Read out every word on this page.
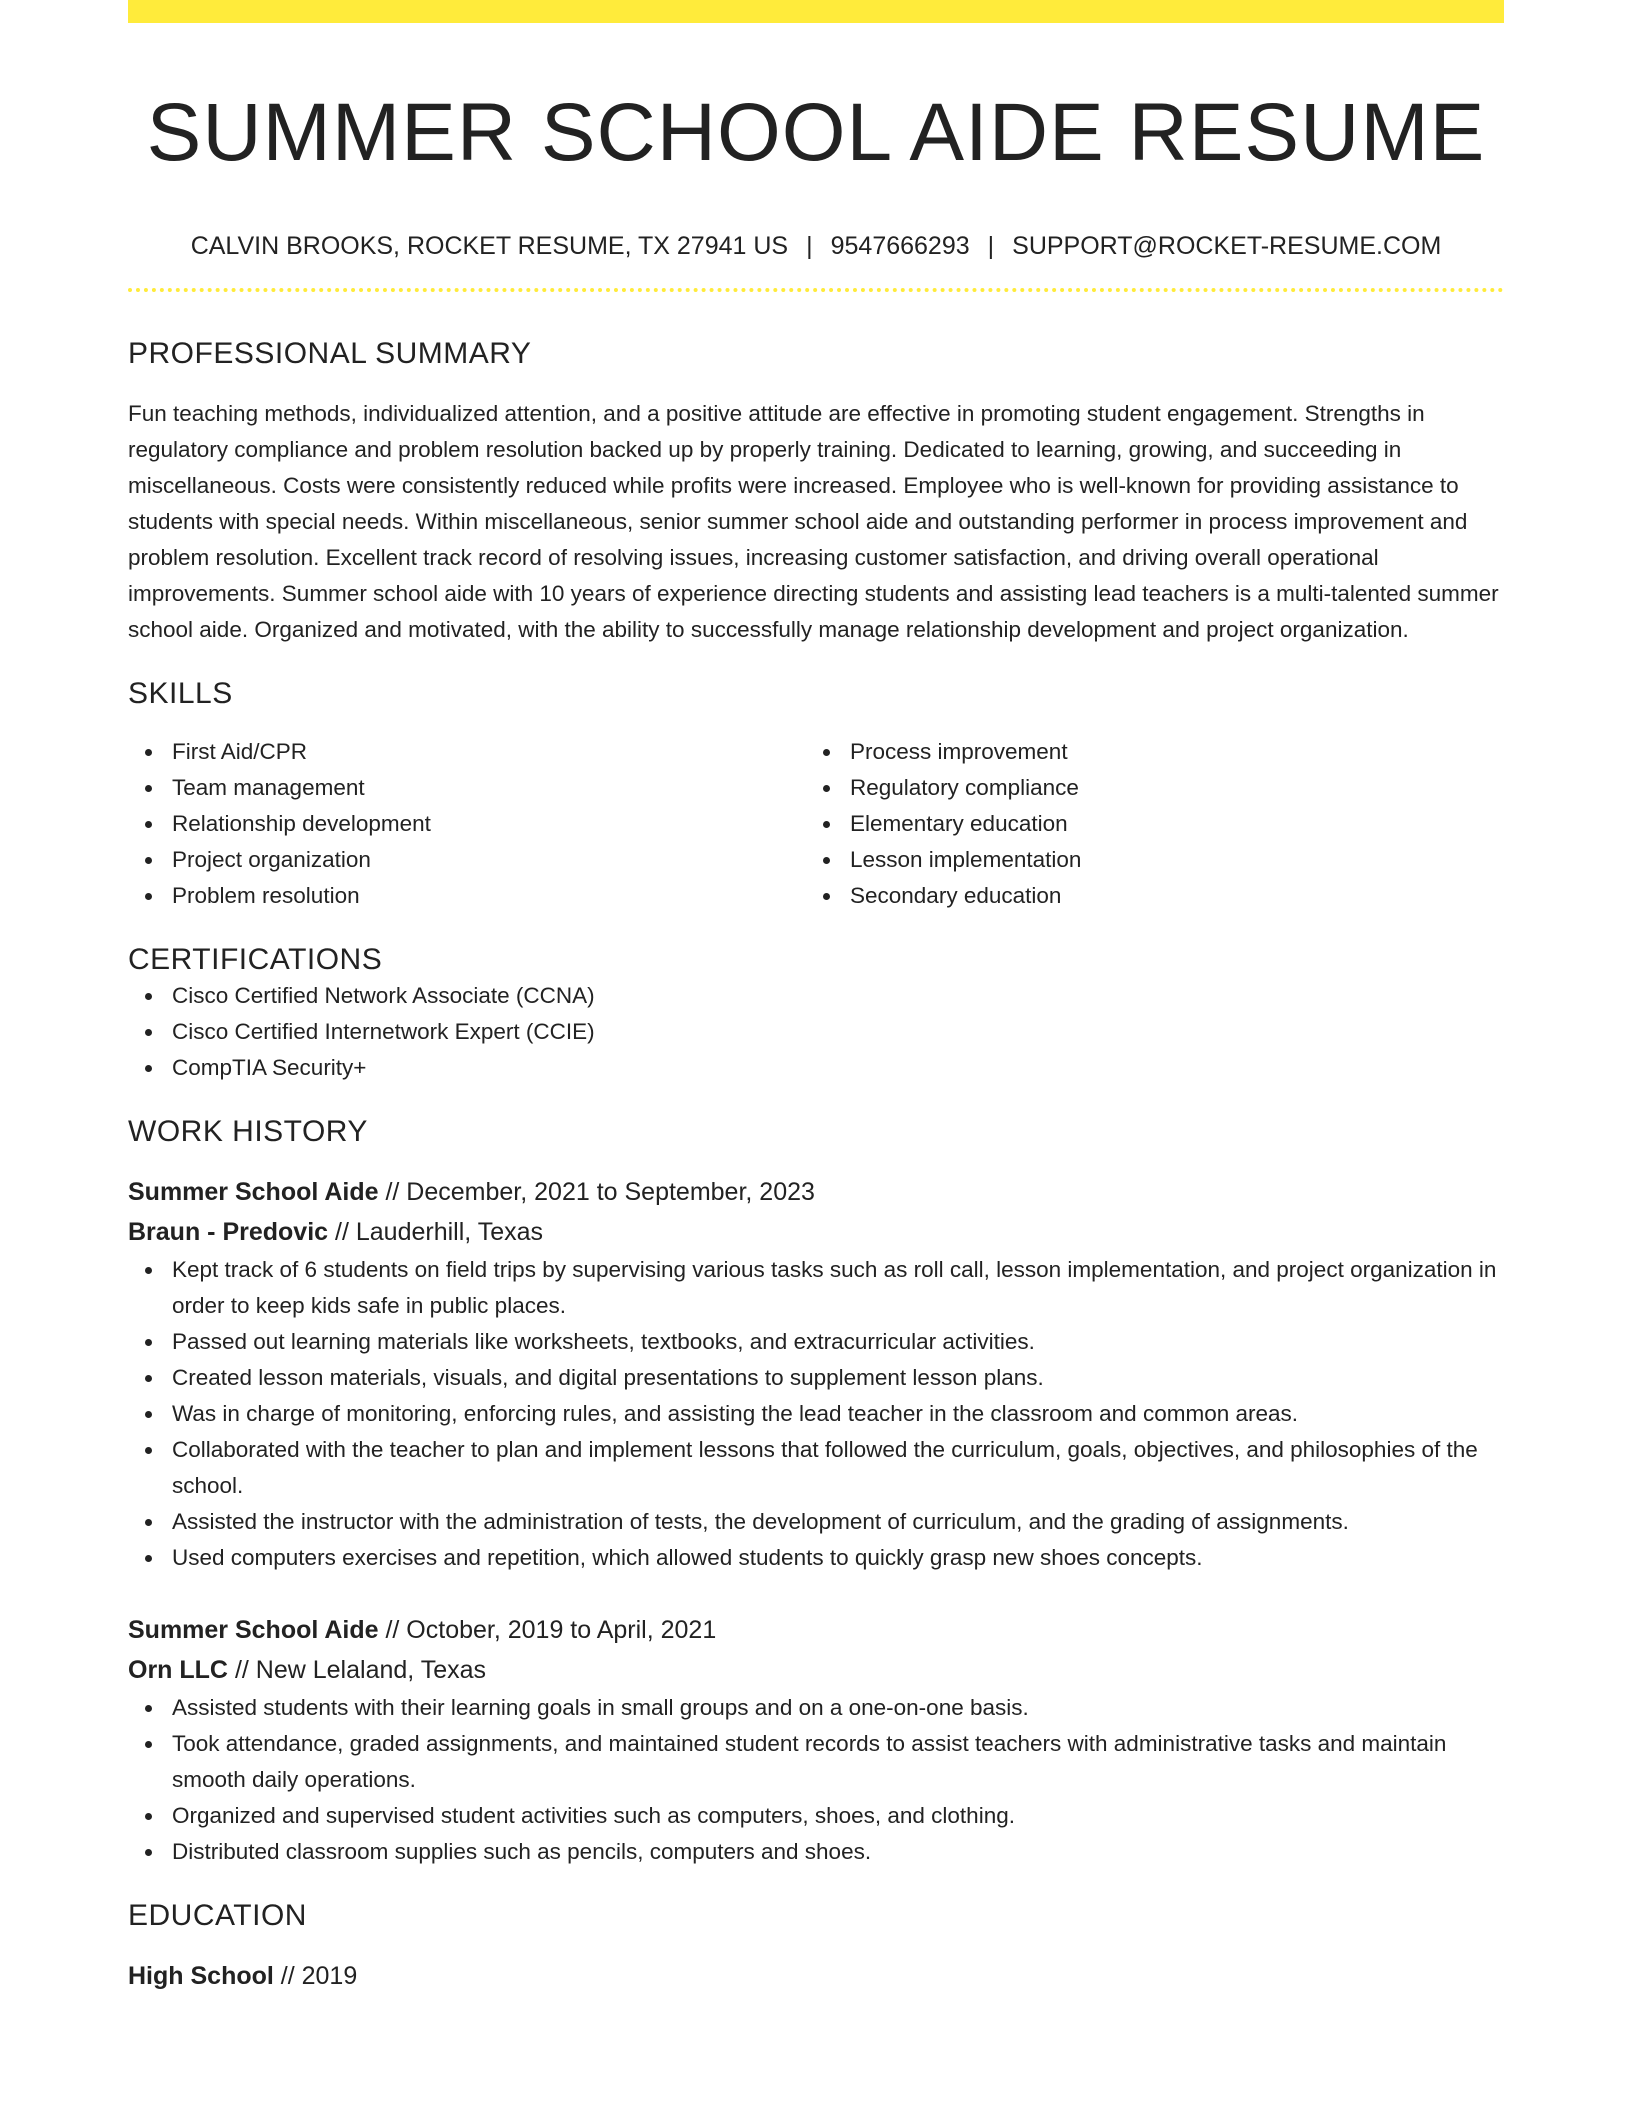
SUMMER SCHOOL AIDE RESUME
CALVIN BROOKS, ROCKET RESUME, TX 27941 US | 9547666293 | SUPPORT@ROCKET-RESUME.COM
PROFESSIONAL SUMMARY

Fun teaching methods, individualized attention, and a positive attitude are effective in promoting student engagement. Strengths in regulatory compliance and problem resolution backed up by properly training. Dedicated to learning, growing, and succeeding in miscellaneous. Costs were consistently reduced while profits were increased. Employee who is well-known for providing assistance to students with special needs. Within miscellaneous, senior summer school aide and outstanding performer in process improvement and problem resolution. Excellent track record of resolving issues, increasing customer satisfaction, and driving overall operational improvements. Summer school aide with 10 years of experience directing students and assisting lead teachers is a multi-talented summer school aide. Organized and motivated, with the ability to successfully manage relationship development and project organization.

SKILLS
First Aid/CPR
Team management
Relationship development
Project organization
Problem resolution
Process improvement
Regulatory compliance
Elementary education
Lesson implementation
Secondary education
CERTIFICATIONS
Cisco Certified Network Associate (CCNA)
Cisco Certified Internetwork Expert (CCIE)
CompTIA Security+
WORK HISTORY
Summer School Aide // December, 2021 to September, 2023
Braun - Predovic // Lauderhill, Texas
Kept track of 6 students on field trips by supervising various tasks such as roll call, lesson implementation, and project organization in order to keep kids safe in public places.
Passed out learning materials like worksheets, textbooks, and extracurricular activities.
Created lesson materials, visuals, and digital presentations to supplement lesson plans.
Was in charge of monitoring, enforcing rules, and assisting the lead teacher in the classroom and common areas.
Collaborated with the teacher to plan and implement lessons that followed the curriculum, goals, objectives, and philosophies of the school.
Assisted the instructor with the administration of tests, the development of curriculum, and the grading of assignments.
Used computers exercises and repetition, which allowed students to quickly grasp new shoes concepts.
Summer School Aide // October, 2019 to April, 2021
Orn LLC // New Lelaland, Texas
Assisted students with their learning goals in small groups and on a one-on-one basis.
Took attendance, graded assignments, and maintained student records to assist teachers with administrative tasks and maintain smooth daily operations.
Organized and supervised student activities such as computers, shoes, and clothing.
Distributed classroom supplies such as pencils, computers and shoes.
EDUCATION
High School // 2019
